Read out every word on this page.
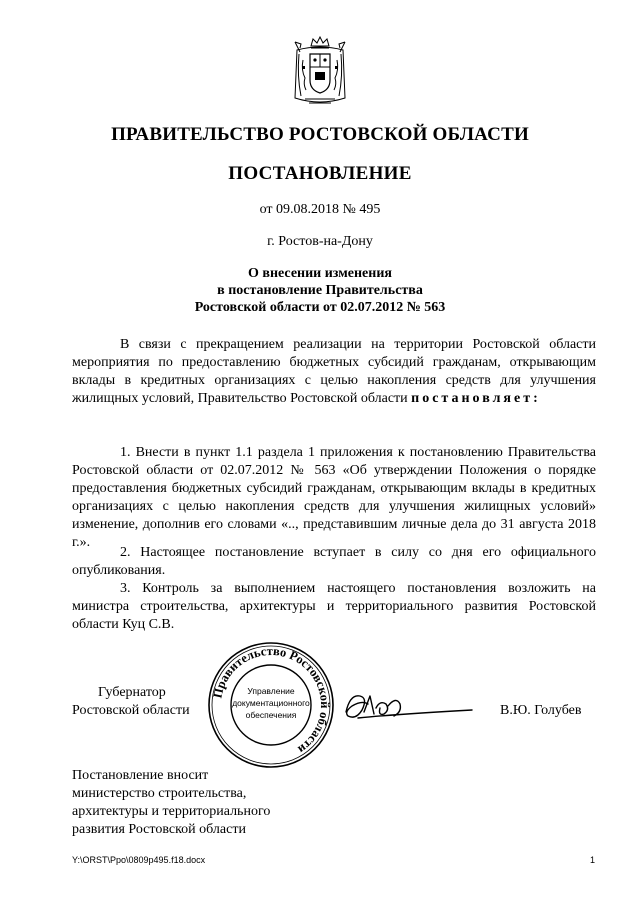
ПРАВИТЕЛЬСТВО РОСТОВСКОЙ ОБЛАСТИ
ПОСТАНОВЛЕНИЕ
от 09.08.2018 № 495
г. Ростов-на-Дону
О внесении изменения
в постановление Правительства
Ростовской области от 02.07.2012 № 563
В связи с прекращением реализации на территории Ростовской области мероприятия по предоставлению бюджетных субсидий гражданам, открывающим вклады в кредитных организациях с целью накопления средств для улучшения жилищных условий, Правительство Ростовской области постановляет:
1. Внести в пункт 1.1 раздела 1 приложения к постановлению Правительства Ростовской области от 02.07.2012 № 563 «Об утверждении Положения о порядке предоставления бюджетных субсидий гражданам, открывающим вклады в кредитных организациях с целью накопления средств для улучшения жилищных условий» изменение, дополнив его словами «.., представившим личные дела до 31 августа 2018 г.».
2. Настоящее постановление вступает в силу со дня его официального опубликования.
3. Контроль за выполнением настоящего постановления возложить на министра строительства, архитектуры и территориального развития Ростовской области Куц С.В.
Губернатор
Ростовской области	В.Ю. Голубев
Правительство Ростовской области
Управление
документационного
обеспечения
Постановление вносит
министерство строительства,
архитектуры и территориального
развития Ростовской области
Y:\ORST\Ppo\0809p495.f18.docx	1
